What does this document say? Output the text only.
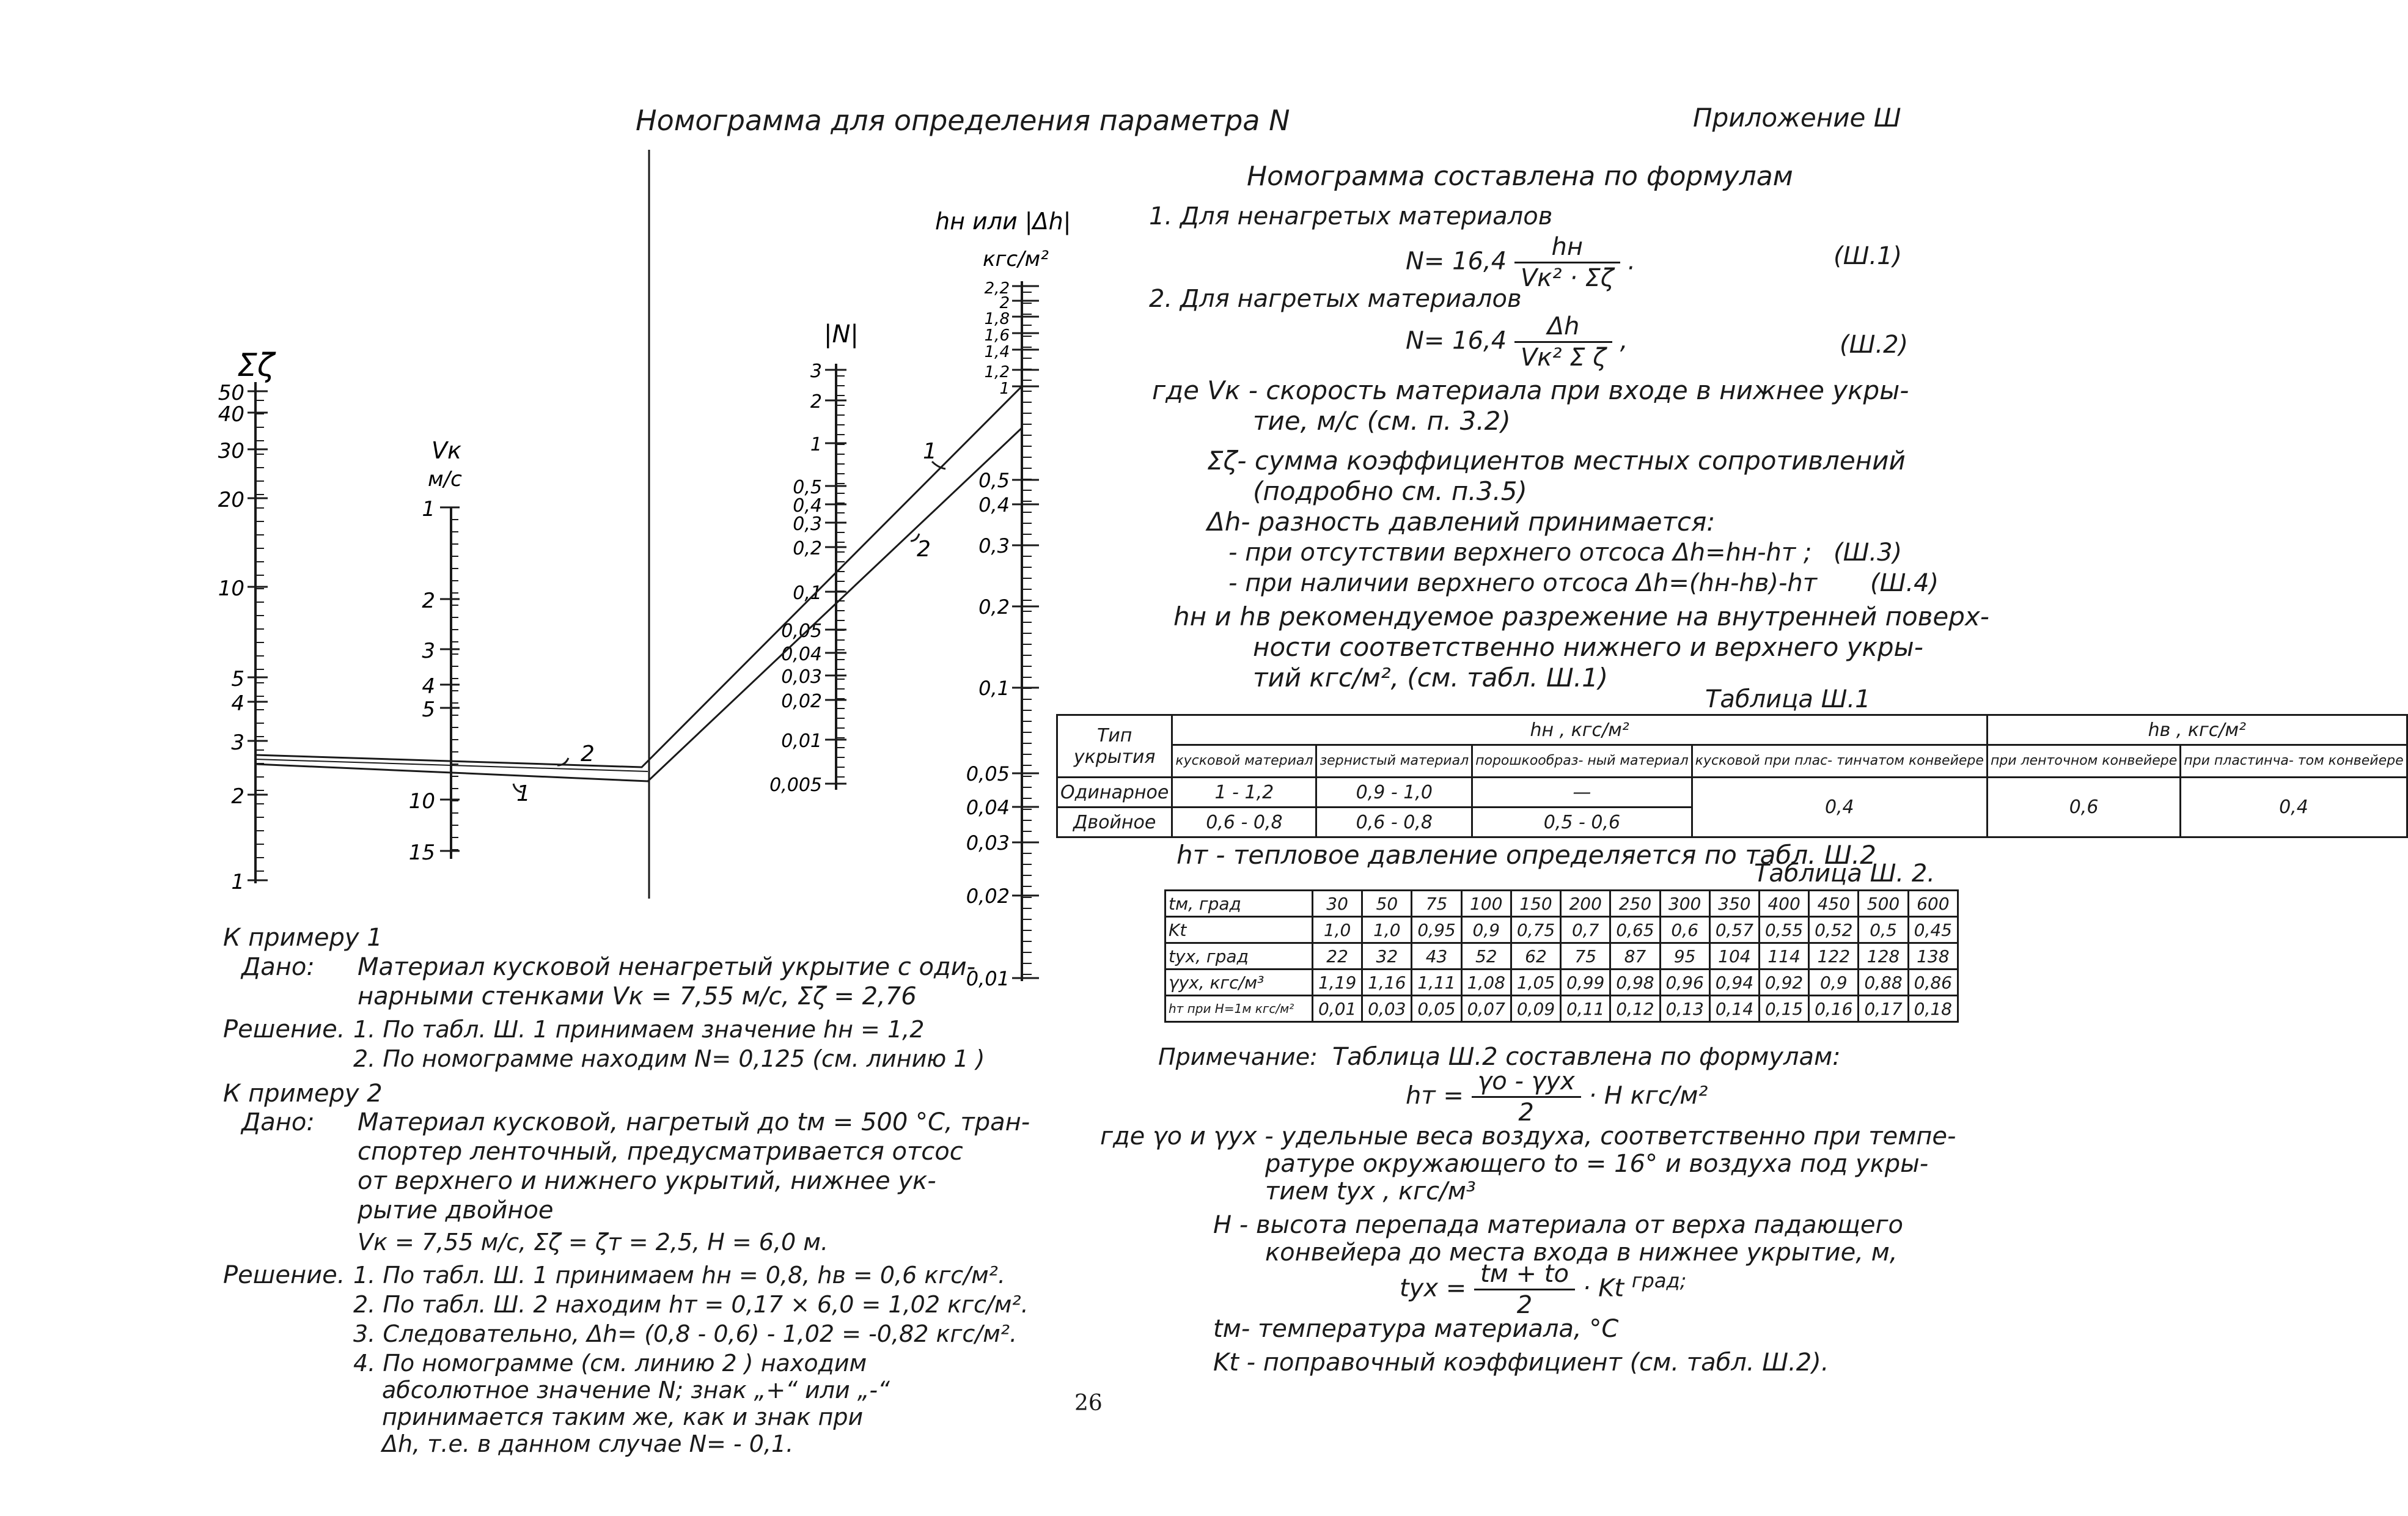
Номограмма для определения параметра N	Приложение Ш
Σζ
Vк
м/с
|N|
hн или |Δh|
кгс/м²
1
2
2
1
50
40
30
20
10
5
4
3
2
1
1
2
3
4
5
10
15
3
2
1
0,5
0,4
0,3
0,2
0,1
0,05
0,04
0,03
0,02
0,01
0,005
2,2
2
1,8
1,6
1,4
1,2
1
0,5
0,4
0,3
0,2
0,1
0,05
0,04
0,03
0,02
0,01
Номограмма составлена по формулам
1. Для ненагретых материалов
$N= 16,4 \frac{hн}{\text{Vк² · Σζ}}$ .	(Ш.1)
2. Для нагретых материалов
$N= 16,4 \frac{\Delta h}{\text{Vк² Σ ζ}}$ ,	(Ш.2)
где Vк - скорость материала при входе в нижнее укры-
тие, м/с (см. п. 3.2)
Σζ- сумма коэффициентов местных сопротивлений
(подробно см. п.3.5)
Δh- разность давлений принимается:
- при отсутствии верхнего отсоса Δh=hн-hт ; (Ш.3)
- при наличии верхнего отсоса Δh=(hн-hв)-hт (Ш.4)
hн и hв рекомендуемое разрежение на внутренней поверх-
ности соответственно нижнего и верхнего укры-
тий кгс/м², (см. табл. Ш.1)
Таблица Ш.1
Тип
укрытия	hн , кгс/м²				hв , кгс/м²	
	кусковой материал	зернистый материал	порошкообраз- ный материал	кусковой при плас- тинчатом конвейере	при ленточном конвейере	при пластинча- том конвейере
Одинарное	1 - 1,2	0,9 - 1,0	—	0,4	0,6	0,4
Двойное	0,6 - 0,8	0,6 - 0,8	0,5 - 0,6			
hт - тепловое давление определяется по табл. Ш.2
Таблица Ш. 2.
tм, град	30	50	75	100	150	200	250	300	350	400	450	500	600
Kt	1,0	1,0	0,95	0,9	0,75	0,7	0,65	0,6	0,57	0,55	0,52	0,5	0,45
tух, град	22	32	43	52	62	75	87	95	104	114	122	128	138
γух, кгс/м³	1,19	1,16	1,11	1,08	1,05	0,99	0,98	0,96	0,94	0,92	0,9	0,88	0,86
hт при H=1м кгс/м²	0,01	0,03	0,05	0,07	0,09	0,11	0,12	0,13	0,14	0,15	0,16	0,17	0,18
Примечание: Таблица Ш.2 составлена по формулам:
hт = $\frac{\text{γо - γух}}{2} \cdot H$ кгс/м²
где γо и γух - удельные веса воздуха, соответственно при темпе-
ратуре окружающего tо = 16° и воздуха под укры-
тием tух , кгс/м³
H - высота перепада материала от верха падающего
конвейера до места входа в нижнее укрытие, м,
tух = $\frac{tм + tо}{2} \cdot Kt$ $^{град;}$
tм- температура материала, °C
Kt - поправочный коэффициент (см. табл. Ш.2).
К примеру 1
Дано: Материал кусковой ненагретый укрытие с оди-
нарными стенками Vк = 7,55 м/с, Σζ = 2,76
Решение. 1. По табл. Ш. 1 принимаем значение hн = 1,2
2. По номограмме находим N= 0,125 (см. линию 1 )
К примеру 2
Дано: Материал кусковой, нагретый до tм = 500 °C, тран-
спортер ленточный, предусматривается отсос
от верхнего и нижнего укрытий, нижнее ук-
рытие двойное
Vк = 7,55 м/с, Σζ = ζт = 2,5, H = 6,0 м.
Решение. 1. По табл. Ш. 1 принимаем hн = 0,8, hв = 0,6 кгс/м².
2. По табл. Ш. 2 находим hт = 0,17 × 6,0 = 1,02 кгс/м².
3. Следовательно, Δh= (0,8 - 0,6) - 1,02 = -0,82 кгс/м².
4. По номограмме (см. линию 2 ) находим
абсолютное значение N; знак „+“ или „-“
принимается таким же, как и знак при
Δh, т.е. в данном случае N= - 0,1.
26
